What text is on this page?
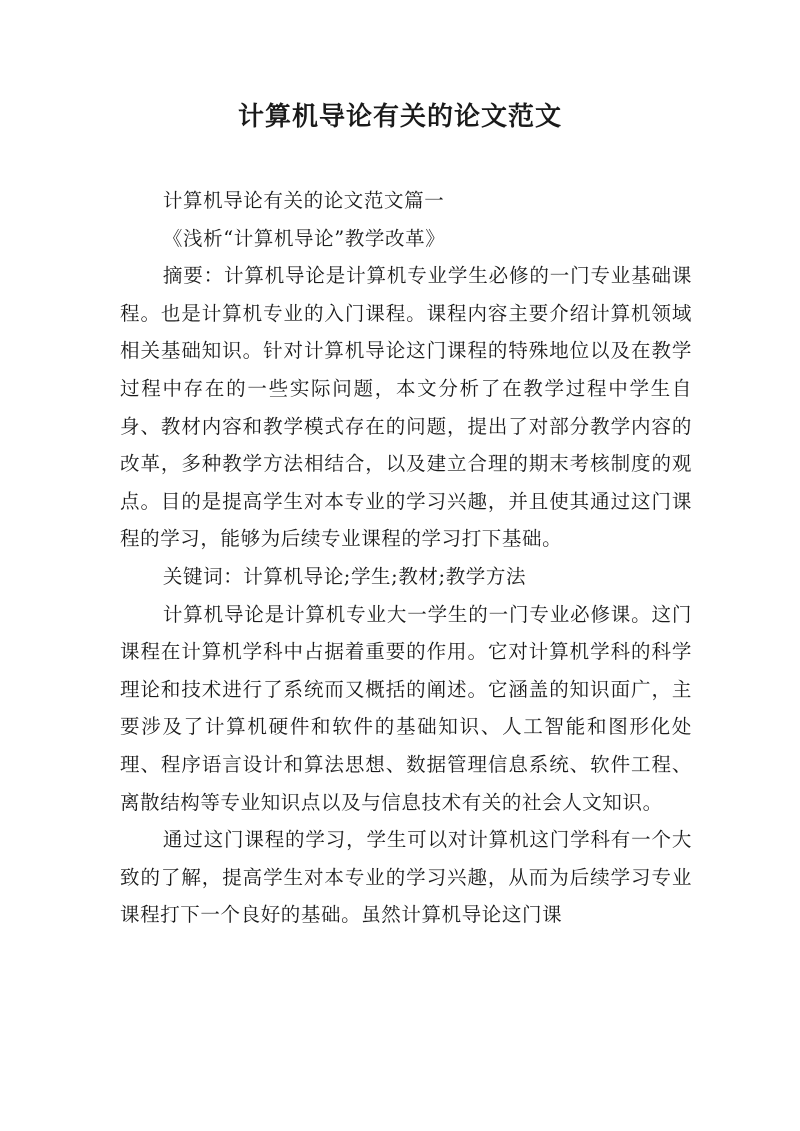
计算机导论有关的论文范文

计算机导论有关的论文范文篇一

《浅析“计算机导论”教学改革》

摘要：计算机导论是计算机专业学生必修的一门专业基础课程。也是计算机专业的入门课程。课程内容主要介绍计算机领域相关基础知识。针对计算机导论这门课程的特殊地位以及在教学过程中存在的一些实际问题，本文分析了在教学过程中学生自身、教材内容和教学模式存在的问题，提出了对部分教学内容的改革，多种教学方法相结合，以及建立合理的期末考核制度的观点。目的是提高学生对本专业的学习兴趣，并且使其通过这门课程的学习，能够为后续专业课程的学习打下基础。

关键词：计算机导论;学生;教材;教学方法

计算机导论是计算机专业大一学生的一门专业必修课。这门课程在计算机学科中占据着重要的作用。它对计算机学科的科学理论和技术进行了系统而又概括的阐述。它涵盖的知识面广，主要涉及了计算机硬件和软件的基础知识、人工智能和图形化处理、程序语言设计和算法思想、数据管理信息系统、软件工程、离散结构等专业知识点以及与信息技术有关的社会人文知识。

通过这门课程的学习，学生可以对计算机这门学科有一个大致的了解，提高学生对本专业的学习兴趣，从而为后续学习专业课程打下一个良好的基础。虽然计算机导论这门课
